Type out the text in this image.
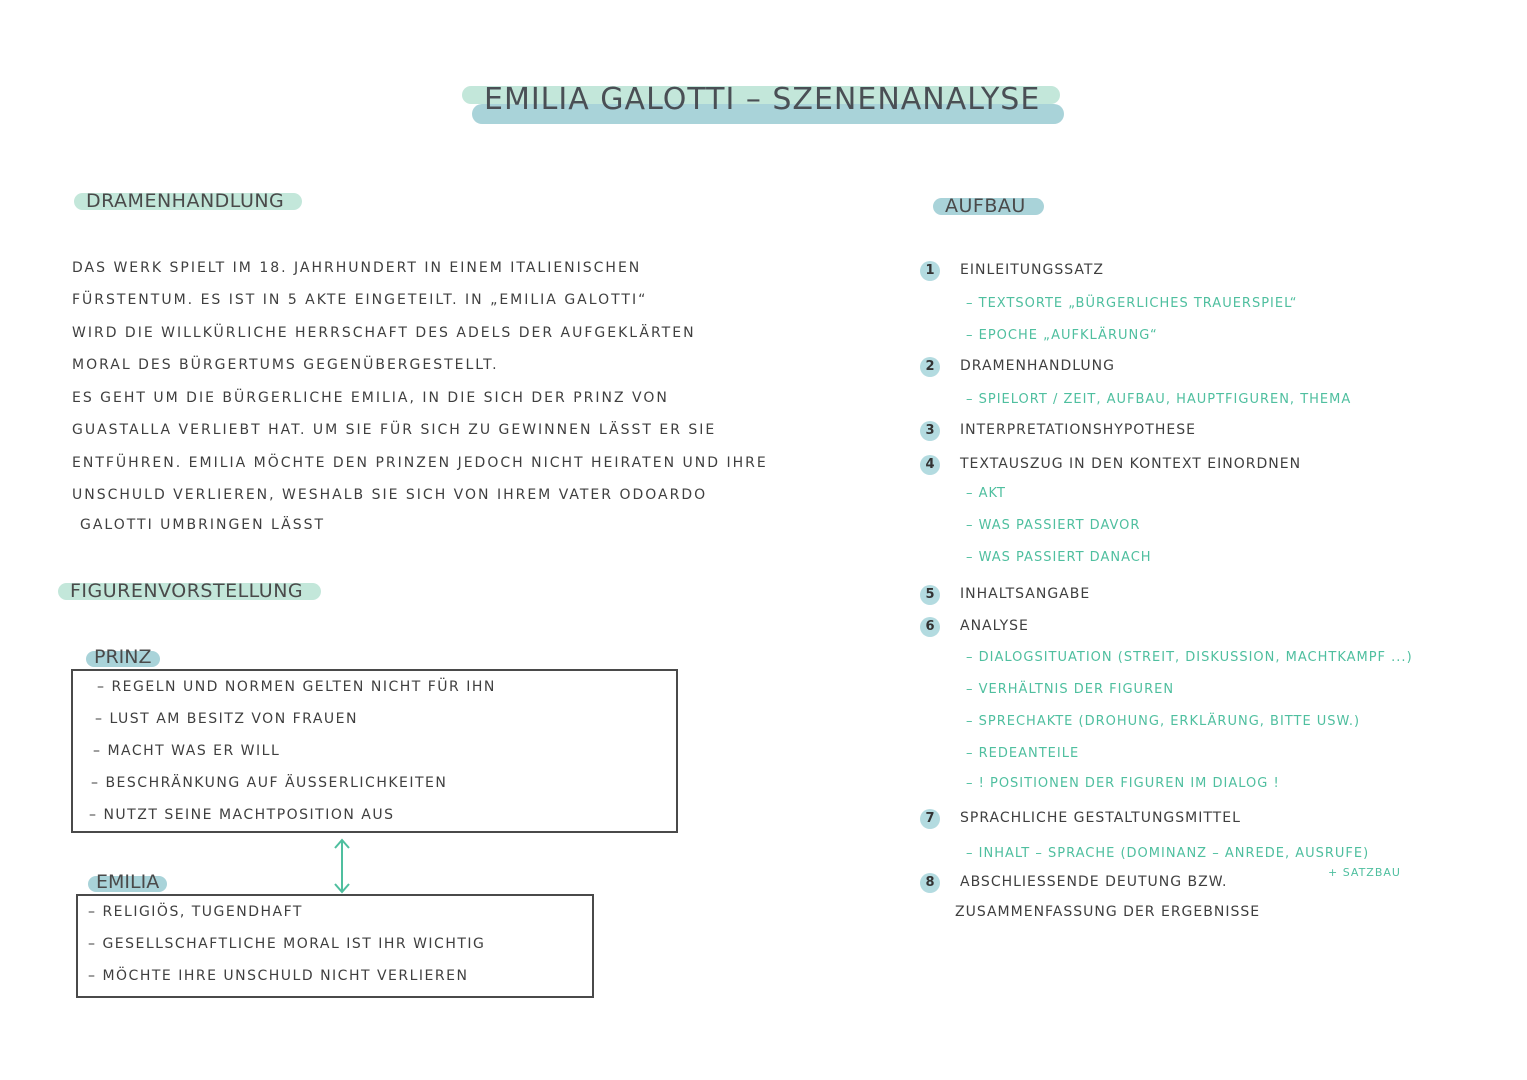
EMILIA GALOTTI – SZENENANALYSE
DRAMENHANDLUNG
FIGURENVORSTELLUNG
PRINZ
– REGELN UND NORMEN GELTEN NICHT FÜR IHN
– LUST AM BESITZ VON FRAUEN
– MACHT WAS ER WILL
– BESCHRÄNKUNG AUF ÄUSSERLICHKEITEN
– NUTZT SEINE MACHTPOSITION AUS
EMILIA
– RELIGIÖS, TUGENDHAFT
– GESELLSCHAFTLICHE MORAL IST IHR WICHTIG
– MÖCHTE IHRE UNSCHULD NICHT VERLIEREN
AUFBAU
DAS WERK SPIELT IM 18. JAHRHUNDERT IN EINEM ITALIENISCHEN
FÜRSTENTUM. ES IST IN 5 AKTE EINGETEILT. IN „EMILIA GALOTTI“
WIRD DIE WILLKÜRLICHE HERRSCHAFT DES ADELS DER AUFGEKLÄRTEN
MORAL DES BÜRGERTUMS GEGENÜBERGESTELLT.
ES GEHT UM DIE BÜRGERLICHE EMILIA, IN DIE SICH DER PRINZ VON
GUASTALLA VERLIEBT HAT. UM SIE FÜR SICH ZU GEWINNEN LÄSST ER SIE
ENTFÜHREN. EMILIA MÖCHTE DEN PRINZEN JEDOCH NICHT HEIRATEN UND IHRE
UNSCHULD VERLIEREN, WESHALB SIE SICH VON IHREM VATER ODOARDO
GALOTTI UMBRINGEN LÄSST
1	EINLEITUNGSSATZ
– TEXTSORTE „BÜRGERLICHES TRAUERSPIEL“
– EPOCHE „AUFKLÄRUNG“
2	DRAMENHANDLUNG
– SPIELORT / ZEIT, AUFBAU, HAUPTFIGUREN, THEMA
3	INTERPRETATIONSHYPOTHESE
4	TEXTAUSZUG IN DEN KONTEXT EINORDNEN
– AKT
– WAS PASSIERT DAVOR
– WAS PASSIERT DANACH
5	INHALTSANGABE
6	ANALYSE
– DIALOGSITUATION (STREIT, DISKUSSION, MACHTKAMPF ...)
– VERHÄLTNIS DER FIGUREN
– SPRECHAKTE (DROHUNG, ERKLÄRUNG, BITTE USW.)
– REDEANTEILE
– ! POSITIONEN DER FIGUREN IM DIALOG !
7	SPRACHLICHE GESTALTUNGSMITTEL
– INHALT – SPRACHE (DOMINANZ – ANREDE, AUSRUFE)
+ SATZBAU
8	ABSCHLIESSENDE DEUTUNG BZW.
ZUSAMMENFASSUNG DER ERGEBNISSE
